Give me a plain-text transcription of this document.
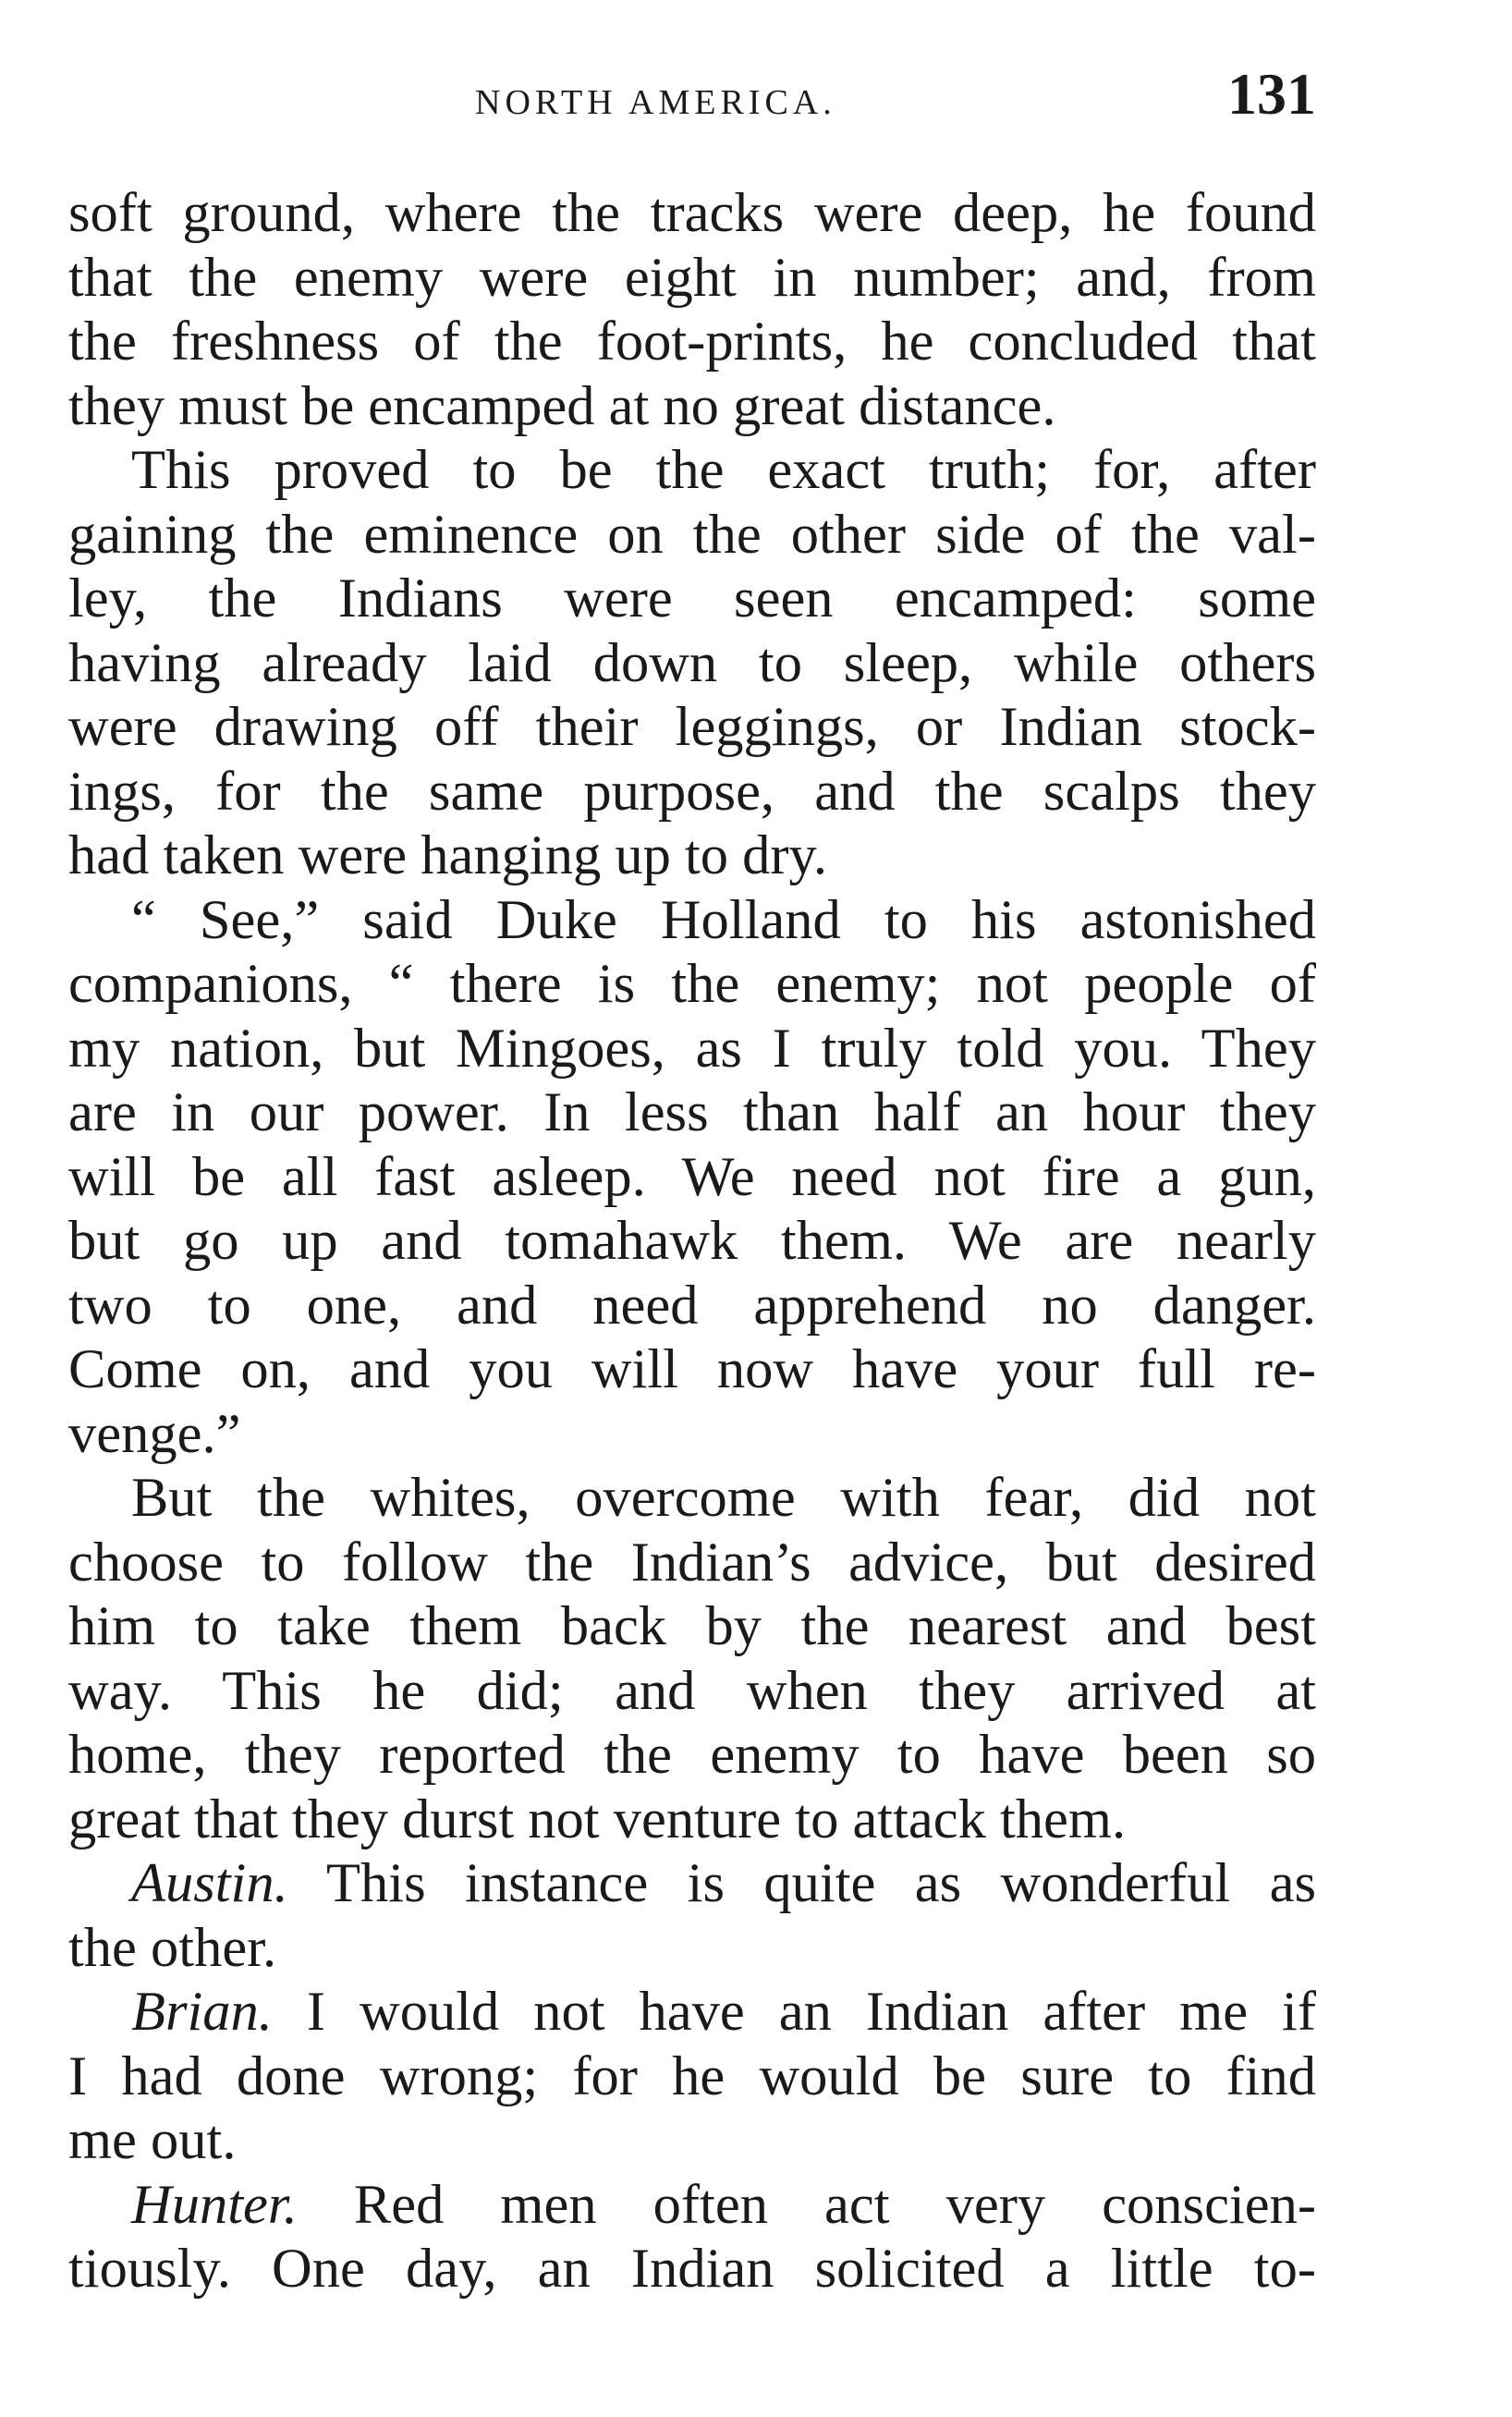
NORTH AMERICA.	131
soft ground, where the tracks were deep, he found
that the enemy were eight in number; and, from
the freshness of the foot-prints, he concluded that
they must be encamped at no great distance.
This proved to be the exact truth; for, after
gaining the eminence on the other side of the val-
ley, the Indians were seen encamped: some
having already laid down to sleep, while others
were drawing off their leggings, or Indian stock-
ings, for the same purpose, and the scalps they
had taken were hanging up to dry.
“ See,” said Duke Holland to his astonished
companions, “ there is the enemy; not people of
my nation, but Mingoes, as I truly told you. They
are in our power. In less than half an hour they
will be all fast asleep. We need not fire a gun,
but go up and tomahawk them. We are nearly
two to one, and need apprehend no danger.
Come on, and you will now have your full re-
venge.”
But the whites, overcome with fear, did not
choose to follow the Indian’s advice, but desired
him to take them back by the nearest and best
way. This he did; and when they arrived at
home, they reported the enemy to have been so
great that they durst not venture to attack them.
Austin. This instance is quite as wonderful as
the other.
Brian. I would not have an Indian after me if
I had done wrong; for he would be sure to find
me out.
Hunter. Red men often act very conscien-
tiously. One day, an Indian solicited a little to-
